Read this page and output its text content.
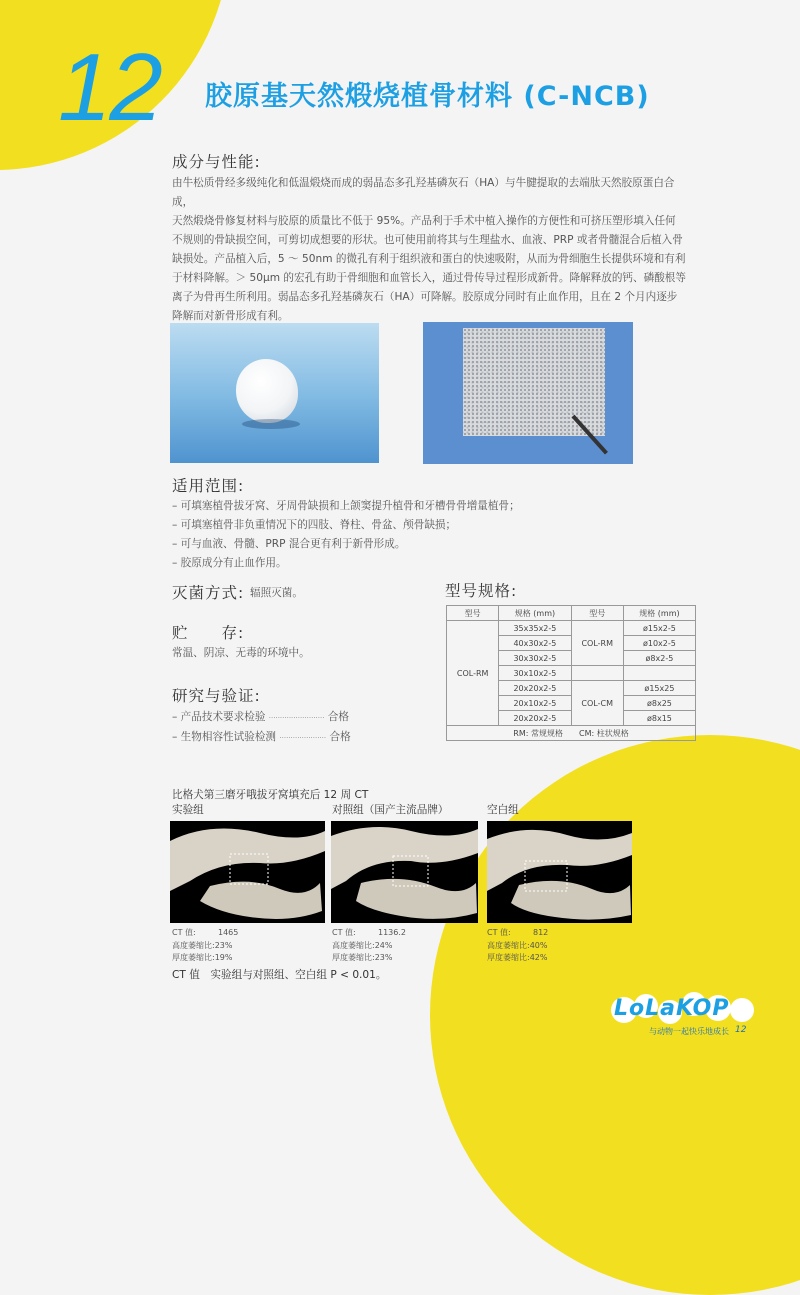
12 胶原基天然煅烧植骨材料 (C-NCB)
成分与性能:
由牛松质骨经多级纯化和低温煅烧而成的弱晶态多孔羟基磷灰石（HA）与牛腱提取的去端肽天然胶原蛋白合成，
天然煅烧骨修复材料与胶原的质量比不低于 95%。产品利于手术中植入操作的方便性和可挤压塑形填入任何
不规则的骨缺损空间，可剪切成想要的形状。也可使用前将其与生理盐水、血液、PRP 或者骨髓混合后植入骨
缺损处。产品植入后，5 ～ 50nm 的微孔有利于组织液和蛋白的快速吸附，从而为骨细胞生长提供环境和有利
于材料降解。＞ 50μm 的宏孔有助于骨细胞和血管长入，通过骨传导过程形成新骨。降解释放的钙、磷酸根等
离子为骨再生所利用。弱晶态多孔羟基磷灰石（HA）可降解。胶原成分同时有止血作用，且在 2 个月内逐步
降解而对新骨形成有利。
适用范围:
– 可填塞植骨拔牙窝、牙周骨缺损和上颌窦提升植骨和牙槽骨骨增量植骨；
– 可填塞植骨非负重情况下的四肢、脊柱、骨盆、颅骨缺损；
– 可与血液、骨髓、PRP 混合更有利于新骨形成。
– 胶原成分有止血作用。
灭菌方式: 辐照灭菌。
贮　　存:
常温、阴凉、无毒的环境中。
研究与验证:
– 产品技术要求检验 ························· 合格
– 生物相容性试验检测 ····················· 合格
型号规格:
型号	规格 (mm)	型号	规格 (mm)
COL-RM	35x35x2-5	COL-RM	ø15x2-5
	40x30x2-5		ø10x2-5
	30x30x2-5		ø8x2-5
	30x10x2-5		
	20x20x2-5	COL-CM	ø15x25
	20x10x2-5		ø8x25
	20x20x2-5		ø8x15
RM: 常规规格　　CM: 柱状规格			
比格犬第三磨牙哦拔牙窝填充后 12 周 CT
实验组	对照组（国产主流品牌）	空白组
CT 值:	1465
高度萎缩比:23%
厚度萎缩比:19%
CT 值:	1136.2
高度萎缩比:24%
厚度萎缩比:23%
CT 值:	812
高度萎缩比:40%
厚度萎缩比:42%
CT 值　实验组与对照组、空白组 P < 0.01。
LoLaKOP
与动物一起快乐地成长 12
